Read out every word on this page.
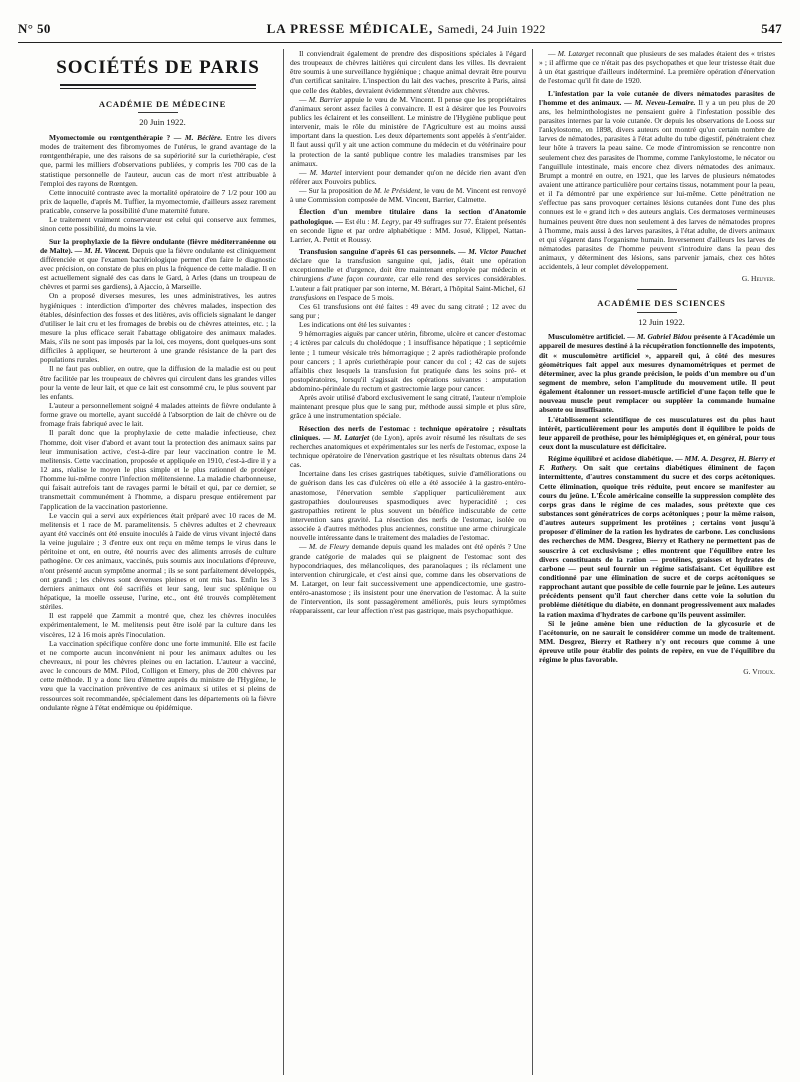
N° 50	LA PRESSE MÉDICALE, Samedi, 24 Juin 1922	547
SOCIÉTÉS DE PARIS

ACADÉMIE DE MÉDECINE

20 Juin 1922.

Myomectomie ou rœntgenthérapie ? — M. Béclère. Entre les divers modes de traitement des fibromyomes de l'utérus, le grand avantage de la rœntgenthérapie, une des raisons de sa supériorité sur la curiethérapie, c'est que, parmi les milliers d'observations publiées, y compris les 700 cas de la statistique personnelle de l'auteur, aucun cas de mort n'est attribuable à l'emploi des rayons de Rœntgen.

Cette innocuité contraste avec la mortalité opératoire de 7 1/2 pour 100 au prix de laquelle, d'après M. Tuffier, la myomectomie, d'ailleurs assez rarement praticable, conserve la possibilité d'une maternité future.

Le traitement vraiment conservateur est celui qui conserve aux femmes, sinon cette possibilité, du moins la vie.

Sur la prophylaxie de la fièvre ondulante (fièvre méditerranéenne ou de Malte). — M. H. Vincent. Depuis que la fièvre ondulante est cliniquement différenciée et que l'examen bactériologique permet d'en faire le diagnostic avec précision, on constate de plus en plus la fréquence de cette maladie. Il en est actuellement signalé des cas dans le Gard, à Arles (dans un troupeau de chèvres et parmi ses gardiens), à Ajaccio, à Marseille.

On a proposé diverses mesures, les unes administratives, les autres hygiéniques : interdiction d'importer des chèvres malades, inspection des étables, désinfection des fosses et des litières, avis officiels signalant le danger d'utiliser le lait cru et les fromages de brebis ou de chèvres atteintes, etc. ; la mesure la plus efficace serait l'abattage obligatoire des animaux malades. Mais, s'ils ne sont pas imposés par la loi, ces moyens, dont quelques-uns sont difficiles à appliquer, se heurteront à une grande résistance de la part des populations rurales.

Il ne faut pas oublier, en outre, que la diffusion de la maladie est ou peut être facilitée par les troupeaux de chèvres qui circulent dans les grandes villes pour la vente de leur lait, et que ce lait est consommé cru, le plus souvent par les enfants.

L'auteur a personnellement soigné 4 malades atteints de fièvre ondulante à forme grave ou mortelle, ayant succédé à l'absorption de lait de chèvre ou de fromage frais fabriqué avec le lait.

Il paraît donc que la prophylaxie de cette maladie infectieuse, chez l'homme, doit viser d'abord et avant tout la protection des animaux sains par leur immunisation active, c'est-à-dire par leur vaccination contre le M. melitensis. Cette vaccination, proposée et appliquée en 1910, c'est-à-dire il y a 12 ans, réalise le moyen le plus simple et le plus rationnel de protéger l'homme lui-même contre l'infection mélitensienne. La maladie charbonneuse, qui faisait autrefois tant de ravages parmi le bétail et qui, par ce dernier, se transmettait communément à l'homme, a disparu presque entièrement par l'application de la vaccination pastorienne.

Le vaccin qui a servi aux expériences était préparé avec 10 races de M. melitensis et 1 race de M. paramelitensis. 5 chèvres adultes et 2 chevreaux ayant été vaccinés ont été ensuite inoculés à l'aide de virus vivant injecté dans la veine jugulaire ; 3 d'entre eux ont reçu en même temps le virus dans le péritoine et ont, en outre, été nourris avec des aliments arrosés de culture pathogène. Or ces animaux, vaccinés, puis soumis aux inoculations d'épreuve, n'ont présenté aucun symptôme anormal ; ils se sont parfaitement développés, ont grandi ; les chèvres sont devenues pleines et ont mis bas. Enfin les 3 derniers animaux ont été sacrifiés et leur sang, leur suc splénique ou hépatique, la moelle osseuse, l'urine, etc., ont été trouvés complètement stériles.

Il est rappelé que Zammit a montré que, chez les chèvres inoculées expérimentalement, le M. melitensis peut être isolé par la culture dans les viscères, 12 à 16 mois après l'inoculation.

La vaccination spécifique confère donc une forte immunité. Elle est facile et ne comporte aucun inconvénient ni pour les animaux adultes ou les chevreaux, ni pour les chèvres pleines ou en lactation. L'auteur a vacciné, avec le concours de MM. Pilod, Colligon et Emery, plus de 200 chèvres par cette méthode. Il y a donc lieu d'émettre auprès du ministre de l'Hygiène, le vœu que la vaccination préventive de ces animaux si utiles et si pleins de ressources soit recommandée, spécialement dans les départements où la fièvre ondulante règne à l'état endémique ou épidémique.

Il conviendrait également de prendre des dispositions spéciales à l'égard des troupeaux de chèvres laitières qui circulent dans les villes. Ils devraient être soumis à une surveillance hygiénique ; chaque animal devrait être pourvu d'un certificat sanitaire. L'inspection du lait des vaches, prescrite à Paris, ainsi que celle des étables, devraient évidemment s'étendre aux chèvres.

— M. Barrier appuie le vœu de M. Vincent. Il pense que les propriétaires d'animaux seront assez faciles à convaincre. Il est à désirer que les Pouvoirs publics les éclairent et les conseillent. Le ministre de l'Hygiène publique peut intervenir, mais le rôle du ministère de l'Agriculture est au moins aussi important dans la question. Les deux départements sont appelés à s'entr'aider. Il faut aussi qu'il y ait une action commune du médecin et du vétérinaire pour la protection de la santé publique contre les maladies transmises par les animaux.

— M. Martel intervient pour demander qu'on ne décide rien avant d'en référer aux Pouvoirs publics.

— Sur la proposition de M. le Président, le vœu de M. Vincent est renvoyé à une Commission composée de MM. Vincent, Barrier, Calmette.

Élection d'un membre titulaire dans la section d'Anatomie pathologique. — Est élu : M. Legry, par 49 suffrages sur 77. Étaient présentés en seconde ligne et par ordre alphabétique : MM. Josué, Klippel, Nattan-Larrier, A. Pettit et Roussy.

Transfusion sanguine d'après 61 cas personnels. — M. Victor Pauchet déclare que la transfusion sanguine qui, jadis, était une opération exceptionnelle et d'urgence, doit être maintenant employée par médecin et chirurgiens d'une façon courante, car elle rend des services considérables. L'auteur a fait pratiquer par son interne, M. Bérart, à l'hôpital Saint-Michel, 61 transfusions en l'espace de 5 mois.

Ces 61 transfusions ont été faites : 49 avec du sang citraté ; 12 avec du sang pur ;

Les indications ont été les suivantes :

9 hémorragies aiguës par cancer utérin, fibrome, ulcère et cancer d'estomac ; 4 ictères par calculs du cholédoque ; 1 insuffisance hépatique ; 1 septicémie lente ; 1 tumeur vésicale très hémorragique ; 2 après radiothérapie profonde pour cancers ; 1 après curiethérapie pour cancer du col ; 42 cas de sujets affaiblis chez lesquels la transfusion fut pratiquée dans les soins pré- et postopératoires, lorsqu'il s'agissait des opérations suivantes : amputation abdomino-périnéale du rectum et gastrectomie large pour cancer.

Après avoir utilisé d'abord exclusivement le sang citraté, l'auteur n'emploie maintenant presque plus que le sang pur, méthode aussi simple et plus sûre, grâce à une instrumentation spéciale.

Résection des nerfs de l'estomac : technique opératoire ; résultats cliniques. — M. Latarjet (de Lyon), après avoir résumé les résultats de ses recherches anatomiques et expérimentales sur les nerfs de l'estomac, expose la technique opératoire de l'énervation gastrique et les résultats obtenus dans 24 cas.

Incertaine dans les crises gastriques tabétiques, suivie d'améliorations ou de guérison dans les cas d'ulcères où elle a été associée à la gastro-entéro-anastomose, l'énervation semble s'appliquer particulièrement aux gastropathies douloureuses spasmodiques avec hyperacidité ; ces gastropathies retirent le plus souvent un bénéfice indiscutable de cette intervention sans gravité. La résection des nerfs de l'estomac, isolée ou associée à d'autres méthodes plus anciennes, constitue une arme chirurgicale nouvelle intéressante dans le traitement des maladies de l'estomac.

— M. de Fleury demande depuis quand les malades ont été opérés ? Une grande catégorie de malades qui se plaignent de l'estomac sont des hypocondriaques, des mélancoliques, des paranoïaques ; ils réclament une intervention chirurgicale, et c'est ainsi que, comme dans les observations de M. Latarget, on leur fait successivement une appendicectomie, une gastro-entéro-anastomose ; ils insistent pour une énervation de l'estomac. À la suite de l'intervention, ils sont passagèrement améliorés, puis leurs symptômes réapparaissent, car leur affection n'est pas gastrique, mais psychopathique.

— M. Latarget reconnaît que plusieurs de ses malades étaient des « tristes » ; il affirme que ce n'était pas des psychopathes et que leur tristesse était due à un état gastrique d'ailleurs indéterminé. La première opération d'énervation de l'estomac qu'il fit date de 1920.

L'infestation par la voie cutanée de divers nématodes parasites de l'homme et des animaux. — M. Neveu-Lemaire. Il y a un peu plus de 20 ans, les helminthologistes ne pensaient guère à l'infestation possible des parasites internes par la voie cutanée. Or depuis les observations de Looss sur l'ankylostome, en 1898, divers auteurs ont montré qu'un certain nombre de larves de nématodes, parasites à l'état adulte du tube digestif, pénétraient chez leur hôte à travers la peau saine. Ce mode d'intromission se rencontre non seulement chez des parasites de l'homme, comme l'ankylostome, le nécator ou l'anguillule intestinale, mais encore chez divers nématodes des animaux. Brumpt a montré en outre, en 1921, que les larves de plusieurs nématodes avaient une attirance particulière pour certains tissus, notamment pour la peau, et il l'a démontré par une expérience sur lui-même. Cette pénétration ne s'effectue pas sans provoquer certaines lésions cutanées dont l'une des plus connues est le « grand itch » des auteurs anglais. Ces dermatoses vermineuses humaines peuvent être dues non seulement à des larves de nématodes propres à l'homme, mais aussi à des larves parasites, à l'état adulte, de divers animaux et qui s'égarent dans l'organisme humain. Inversement d'ailleurs les larves de nématodes parasites de l'homme peuvent s'introduire dans la peau des animaux, y déterminent des lésions, sans parvenir jamais, chez ces hôtes accidentels, à leur complet développement.

G. Heuyer.

ACADÉMIE DES SCIENCES

12 Juin 1922.

Musculomètre artificiel. — M. Gabriel Bidou présente à l'Académie un appareil de mesures destiné à la récupération fonctionnelle des impotents, dit « musculomètre artificiel », appareil qui, à côté des mesures géométriques fait appel aux mesures dynamométriques et permet de déterminer, avec la plus grande précision, le poids d'un membre ou d'un segment de membre, selon l'amplitude du mouvement utile. Il peut également étalonner un ressort-muscle artificiel d'une façon telle que le nouveau muscle peut remplacer ou suppléer la commande humaine absente ou insuffisante.

L'établissement scientifique de ces musculatures est du plus haut intérêt, particulièrement pour les amputés dont il équilibre le poids de leur appareil de prothèse, pour les hémiplégiques et, en général, pour tous ceux dont la musculature est déficitaire.

Régime équilibré et acidose diabétique. — MM. A. Desgrez, H. Bierry et F. Rathery. On sait que certains diabétiques éliminent de façon intermittente, d'autres constamment du sucre et des corps acétoniques. Cette élimination, quoique très réduite, peut encore se manifester au cours du jeûne. L'École américaine conseille la suppression complète des corps gras dans le régime de ces malades, sous prétexte que ces substances sont génératrices de corps acétoniques ; pour la même raison, d'autres auteurs suppriment les protéines ; certains vont jusqu'à proposer d'éliminer de la ration les hydrates de carbone. Les conclusions des recherches de MM. Desgrez, Bierry et Rathery ne permettent pas de souscrire à cet exclusivisme ; elles montrent que l'équilibre entre les divers constituants de la ration — protéines, graisses et hydrates de carbone — peut seul fournir un régime satisfaisant. Cet équilibre est conditionné par une élimination de sucre et de corps acétoniques se rapprochant autant que possible de celle fournie par le jeûne. Les auteurs précédents pensent qu'il faut chercher dans cette voie la solution du problème diététique du diabète, en donnant progressivement aux malades la ration maxima d'hydrates de carbone qu'ils peuvent assimiler.

Si le jeûne amène bien une réduction de la glycosurie et de l'acétonurie, on ne saurait le considérer comme un mode de traitement. MM. Desgrez, Bierry et Rathery n'y ont recours que comme à une épreuve utile pour établir des points de repère, en vue de l'équilibre du régime le plus favorable.

G. Vitoux.
